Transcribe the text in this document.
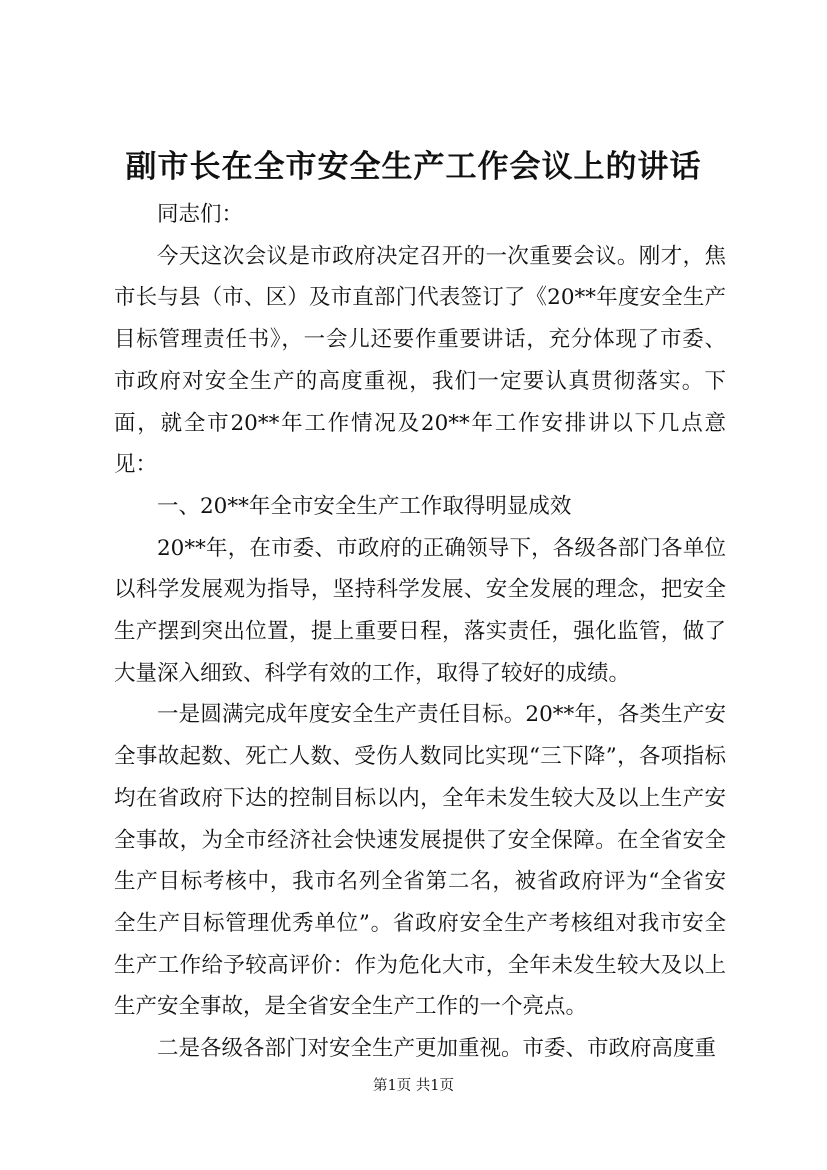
副市长在全市安全生产工作会议上的讲话

同志们：

今天这次会议是市政府决定召开的一次重要会议。刚才，焦市长与县（市、区）及市直部门代表签订了《20**年度安全生产目标管理责任书》，一会儿还要作重要讲话，充分体现了市委、市政府对安全生产的高度重视，我们一定要认真贯彻落实。下面，就全市20**年工作情况及20**年工作安排讲以下几点意见：

一、20**年全市安全生产工作取得明显成效

20**年，在市委、市政府的正确领导下，各级各部门各单位以科学发展观为指导，坚持科学发展、安全发展的理念，把安全生产摆到突出位置，提上重要日程，落实责任，强化监管，做了大量深入细致、科学有效的工作，取得了较好的成绩。

一是圆满完成年度安全生产责任目标。20**年，各类生产安全事故起数、死亡人数、受伤人数同比实现“三下降”，各项指标均在省政府下达的控制目标以内，全年未发生较大及以上生产安全事故，为全市经济社会快速发展提供了安全保障。在全省安全生产目标考核中，我市名列全省第二名，被省政府评为“全省安全生产目标管理优秀单位”。省政府安全生产考核组对我市安全生产工作给予较高评价：作为危化大市，全年未发生较大及以上生产安全事故，是全省安全生产工作的一个亮点。

二是各级各部门对安全生产更加重视。市委、市政府高度重

第1页 共1页
